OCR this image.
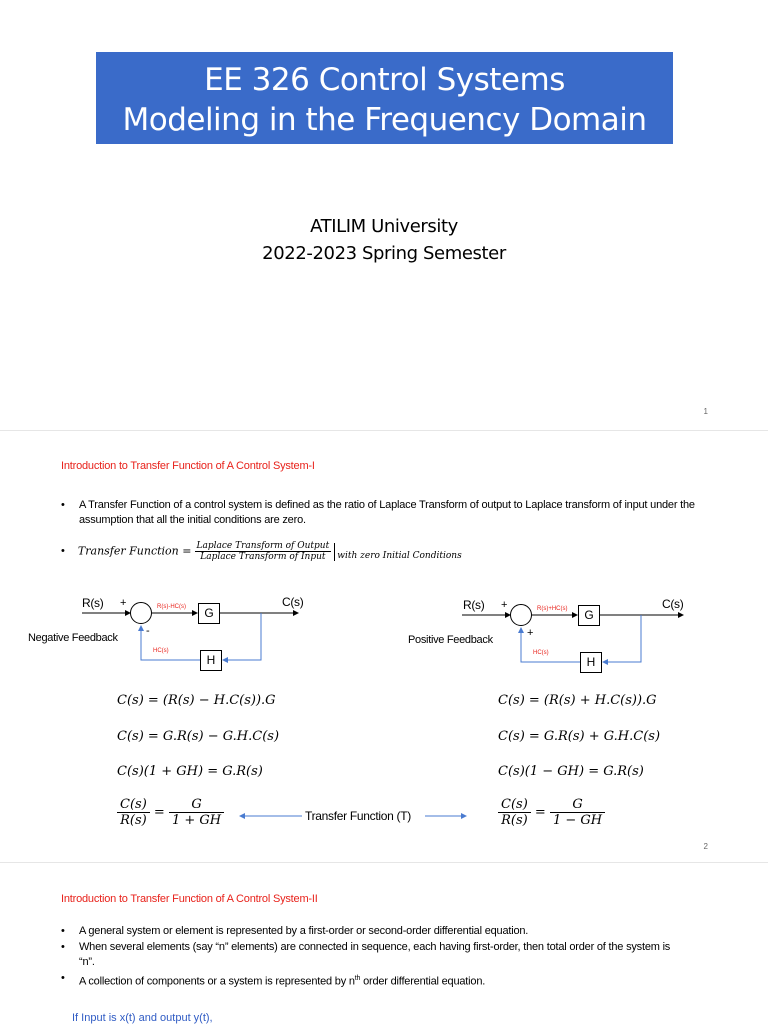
EE 326 Control Systems
Modeling in the Frequency Domain
ATILIM University
2022-2023 Spring Semester
1
Introduction to Transfer Function of A Control System-I
• A Transfer Function of a control system is defined as the ratio of Laplace Transform of output to Laplace transform of input under the assumption that all the initial conditions are zero.
• Transfer Function = $\frac{\text{Laplace Transform of Output}}{\text{Laplace Transform of Input}}$ with zero Initial Conditions
R(s) +	R(s)-HC(s)	G
C(s)
-
Negative Feedback
HC(s)
H
R(s) +	R(s)+HC(s)	G
C(s)
+
Positive Feedback
HC(s)
H
C(s) = (R(s) − H.C(s)).G
C(s) = G.R(s) − G.H.C(s)
C(s)(1 + GH) = G.R(s)
$\frac{C(s)}{R(s)} = \frac{G}{1 + GH}$	Transfer Function (T)
C(s) = (R(s) + H.C(s)).G
C(s) = G.R(s) + G.H.C(s)
C(s)(1 − GH) = G.R(s)
$\frac{C(s)}{R(s)} = \frac{G}{1 - GH}$
2
Introduction to Transfer Function of A Control System-II
• A general system or element is represented by a first-order or second-order differential equation.
• When several elements (say “n” elements) are connected in sequence, each having first-order, then total order of the system is “n”.
• A collection of components or a system is represented by $n^{th}$ order differential equation.
If Input is x(t) and output y(t),
